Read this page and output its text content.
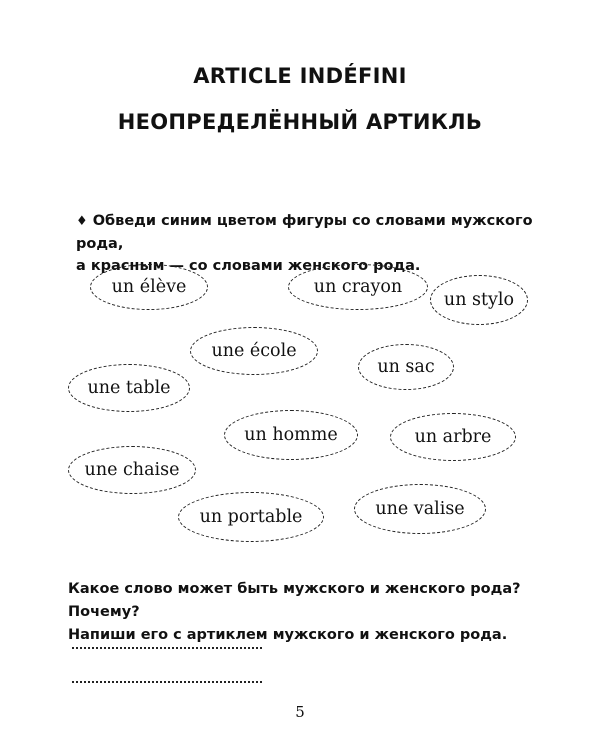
ARTICLE INDÉFINI
НЕОПРЕДЕЛЁННЫЙ АРТИКЛЬ
♦ Обведи синим цветом фигуры со словами мужского рода,
а красным — со словами женского рода.
un élève	un crayon
un stylo
une école
un sac
une table
un homme	un arbre
une chaise
une valise
un portable
Какое слово может быть мужского и женского рода? Почему?
Напиши его с артиклем мужского и женского рода.
5
